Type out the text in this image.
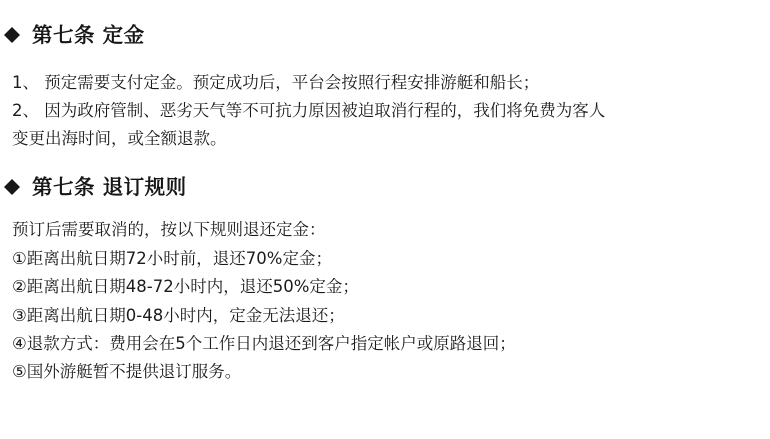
第七条 定金
1、 预定需要支付定金。预定成功后，平台会按照行程安排游艇和船长；
2、 因为政府管制、恶劣天气等不可抗力原因被迫取消行程的，我们将免费为客人
变更出海时间，或全额退款。
第七条 退订规则
预订后需要取消的，按以下规则退还定金：
①距离出航日期72小时前，退还70%定金；
②距离出航日期48-72小时内，退还50%定金；
③距离出航日期0-48小时内，定金无法退还；
④退款方式：费用会在5个工作日内退还到客户指定帐户或原路退回；
⑤国外游艇暂不提供退订服务。
